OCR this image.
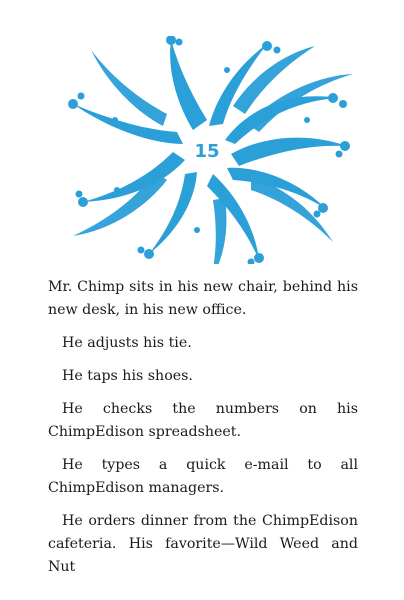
15

Mr. Chimp sits in his new chair, behind his new desk, in his new office.

He adjusts his tie.

He taps his shoes.

He checks the numbers on his ChimpEdison spreadsheet.

He types a quick e-mail to all ChimpEdison managers.

He orders dinner from the ChimpEdison cafeteria. His favorite—Wild Weed and Nut
